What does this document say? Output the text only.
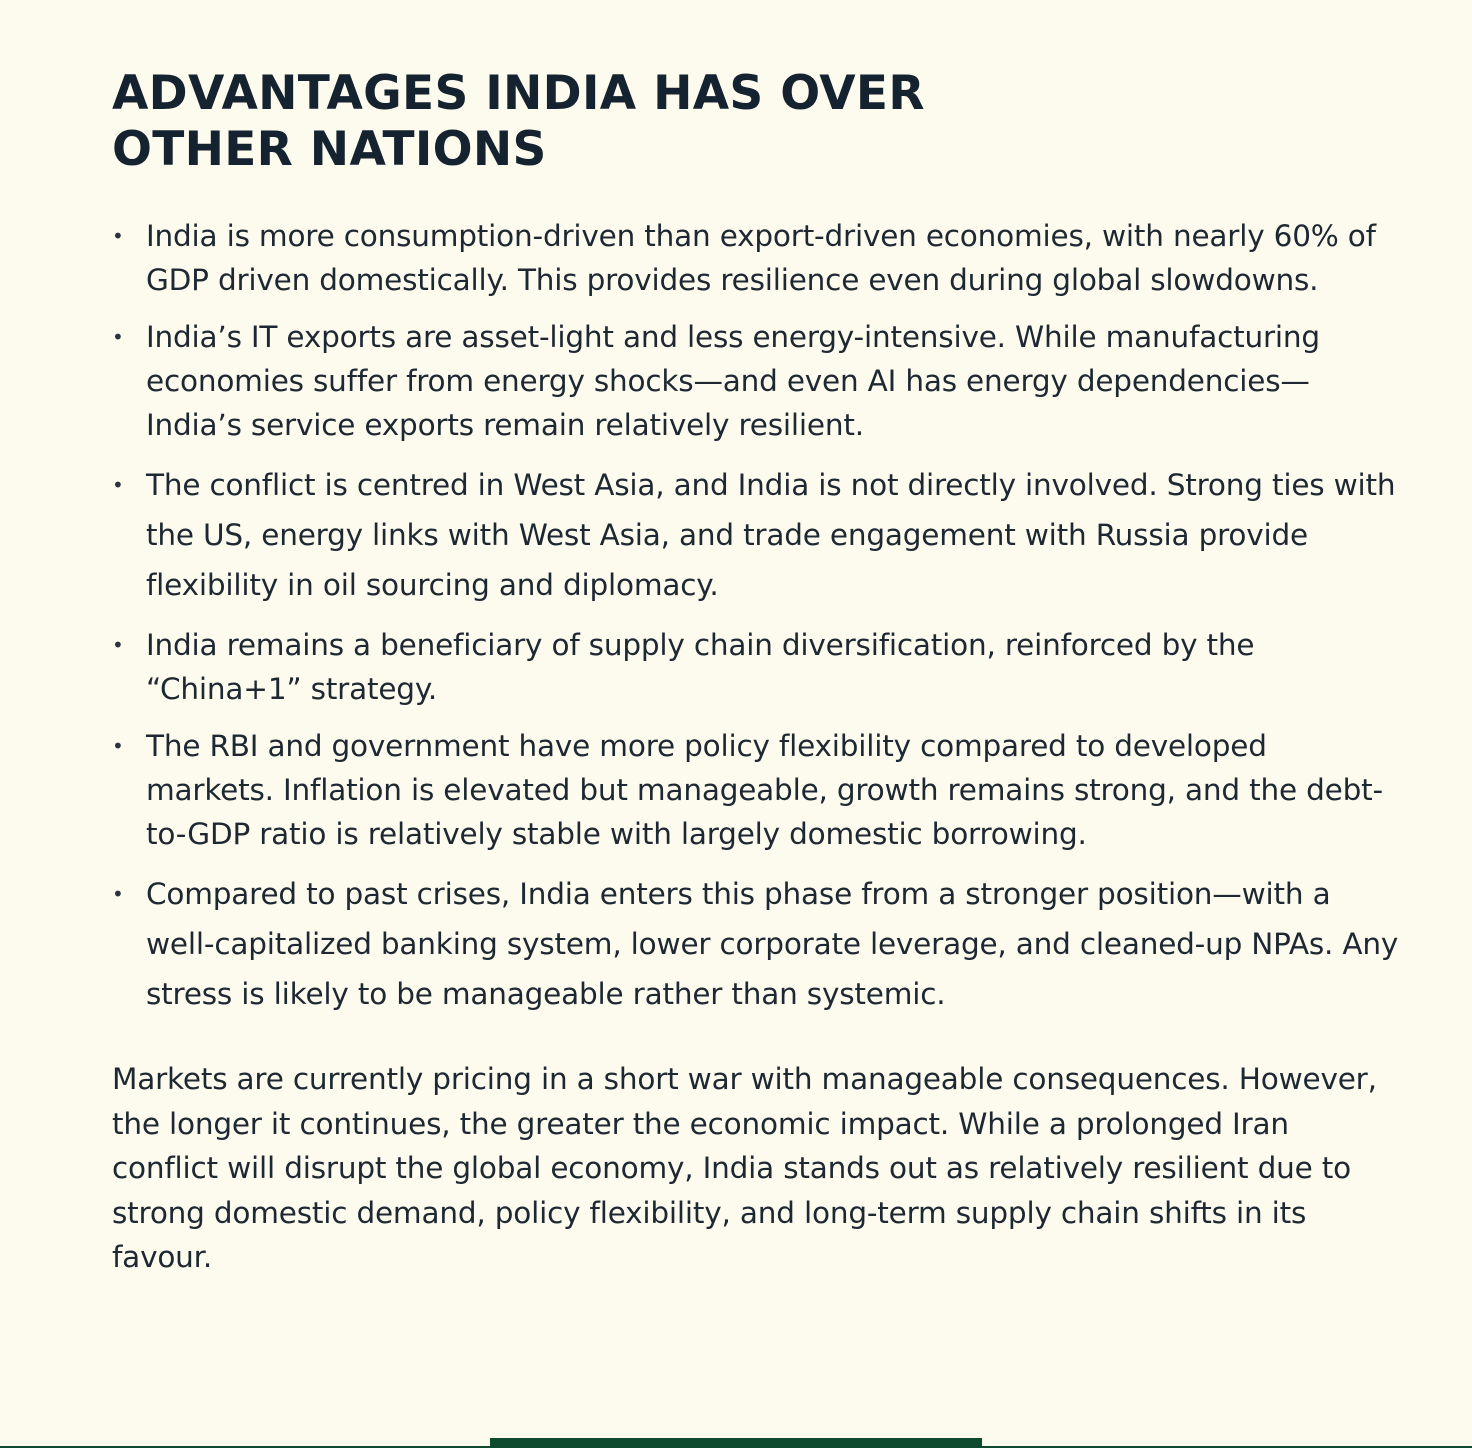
ADVANTAGES INDIA HAS OVER OTHER NATIONS
• India is more consumption-driven than export-driven economies, with nearly 60% of GDP driven domestically. This provides resilience even during global slowdowns.
• India’s IT exports are asset-light and less energy-intensive. While manufacturing economies suffer from energy shocks—and even AI has energy dependencies—India’s service exports remain relatively resilient.
• The conflict is centred in West Asia, and India is not directly involved. Strong ties with the US, energy links with West Asia, and trade engagement with Russia provide flexibility in oil sourcing and diplomacy.
• India remains a beneficiary of supply chain diversification, reinforced by the “China+1” strategy.
• The RBI and government have more policy flexibility compared to developed markets. Inflation is elevated but manageable, growth remains strong, and the debt-to-GDP ratio is relatively stable with largely domestic borrowing.
• Compared to past crises, India enters this phase from a stronger position—with a well-capitalized banking system, lower corporate leverage, and cleaned-up NPAs. Any stress is likely to be manageable rather than systemic.

Markets are currently pricing in a short war with manageable consequences. However, the longer it continues, the greater the economic impact. While a prolonged Iran conflict will disrupt the global economy, India stands out as relatively resilient due to strong domestic demand, policy flexibility, and long-term supply chain shifts in its favour.
